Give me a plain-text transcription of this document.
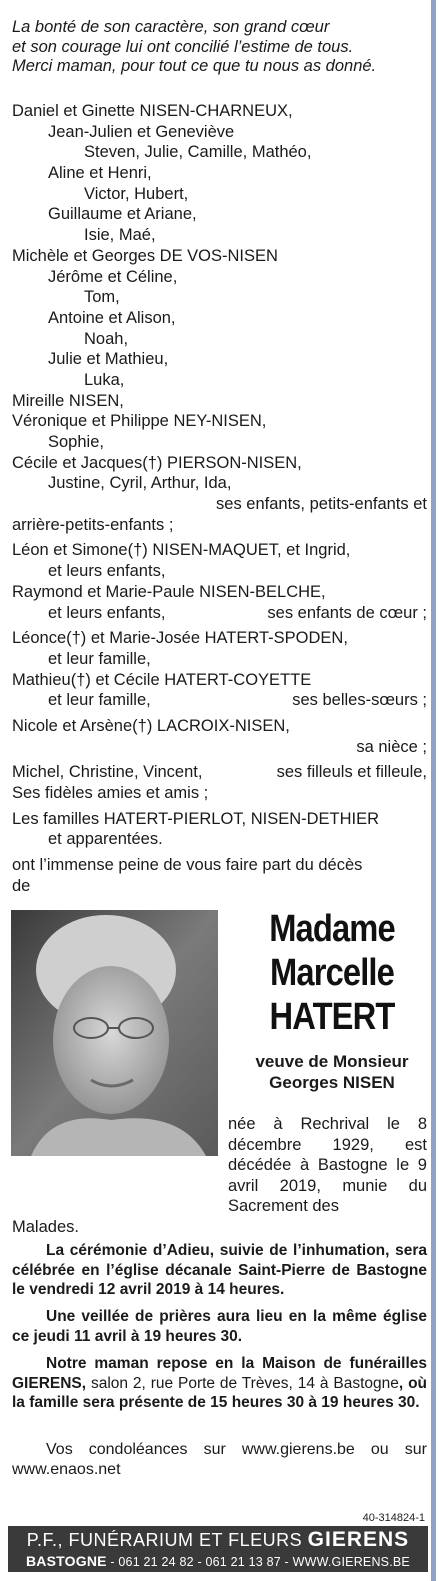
La bonté de son caractère, son grand cœur
et son courage lui ont concilié l’estime de tous.
Merci maman, pour tout ce que tu nous as donné.
Daniel et Ginette NISEN-CHARNEUX,
Jean-Julien et Geneviève
Steven, Julie, Camille, Mathéo,
Aline et Henri,
Victor, Hubert,
Guillaume et Ariane,
Isie, Maé,
Michèle et Georges DE VOS-NISEN
Jérôme et Céline,
Tom,
Antoine et Alison,
Noah,
Julie et Mathieu,
Luka,
Mireille NISEN,
Véronique et Philippe NEY-NISEN,
Sophie,
Cécile et Jacques(†) PIERSON-NISEN,
Justine, Cyril, Arthur, Ida,
ses enfants, petits-enfants et
arrière-petits-enfants ;
Léon et Simone(†) NISEN-MAQUET, et Ingrid,
et leurs enfants,
Raymond et Marie-Paule NISEN-BELCHE,
et leurs enfants,	ses enfants de cœur ;
Léonce(†) et Marie-Josée HATERT-SPODEN,
et leur famille,
Mathieu(†) et Cécile HATERT-COYETTE
et leur famille,	ses belles-sœurs ;
Nicole et Arsène(†) LACROIX-NISEN,
sa nièce ;
Michel, Christine, Vincent,	ses filleuls et filleule,
Ses fidèles amies et amis ;
Les familles HATERT-PIERLOT, NISEN-DETHIER
et apparentées.
ont l’immense peine de vous faire part du décès
de
Madame
Marcelle
HATERT
veuve de Monsieur
Georges NISEN
née à Rechrival le 8 décembre 1929, est décédée à Bastogne le 9 avril 2019, munie du Sacrement des
Malades.
La cérémonie d’Adieu, suivie de l’inhumation, sera célébrée en l’église décanale Saint-Pierre de Bastogne le vendredi 12 avril 2019 à 14 heures.
Une veillée de prières aura lieu en la même église ce jeudi 11 avril à 19 heures 30.
Notre maman repose en la Maison de funérailles GIERENS, salon 2, rue Porte de Trèves, 14 à Bastogne, où la famille sera présente de 15 heures 30 à 19 heures 30.
Vos condoléances sur www.gierens.be ou sur www.enaos.net
40-314824-1
P.F., FUNÉRARIUM ET FLEURS GIERENS
BASTOGNE - 061 21 24 82 - 061 21 13 87 - WWW.GIERENS.BE
